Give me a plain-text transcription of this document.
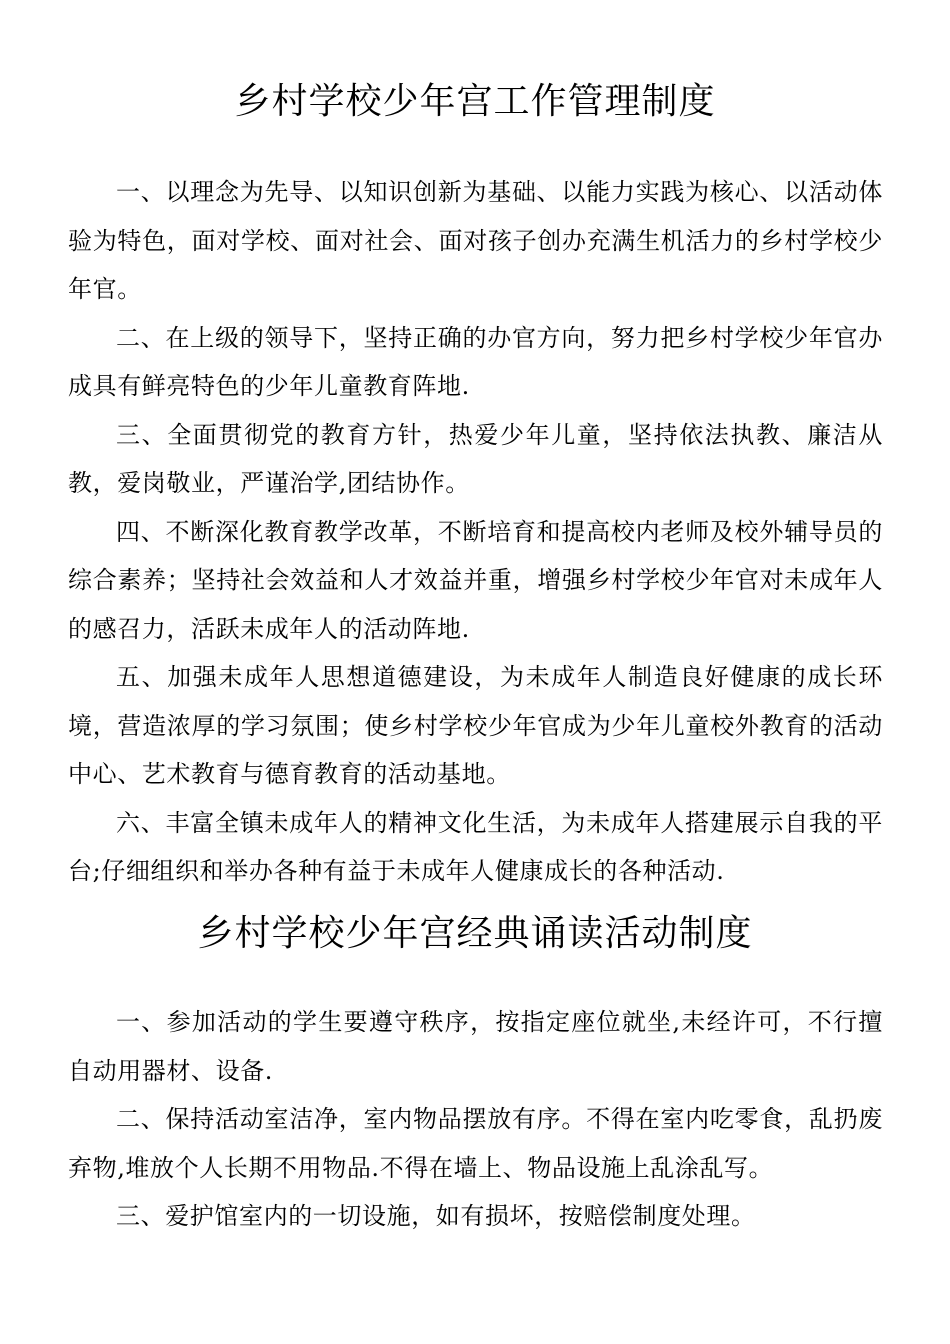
乡村学校少年宫工作管理制度

一、以理念为先导、以知识创新为基础、以能力实践为核心、以活动体验为特色，面对学校、面对社会、面对孩子创办充满生机活力的乡村学校少年官。

二、在上级的领导下，坚持正确的办官方向，努力把乡村学校少年官办成具有鲜亮特色的少年儿童教育阵地.

三、全面贯彻党的教育方针，热爱少年儿童，坚持依法执教、廉洁从教，爱岗敬业，严谨治学,团结协作。

四、不断深化教育教学改革，不断培育和提高校内老师及校外辅导员的综合素养；坚持社会效益和人才效益并重，增强乡村学校少年官对未成年人的感召力，活跃未成年人的活动阵地.

五、加强未成年人思想道德建设，为未成年人制造良好健康的成长环境，营造浓厚的学习氛围；使乡村学校少年官成为少年儿童校外教育的活动中心、艺术教育与德育教育的活动基地。

六、丰富全镇未成年人的精神文化生活，为未成年人搭建展示自我的平台;仔细组织和举办各种有益于未成年人健康成长的各种活动.

乡村学校少年宫经典诵读活动制度

一、参加活动的学生要遵守秩序，按指定座位就坐,未经许可，不行擅自动用器材、设备.

二、保持活动室洁净，室内物品摆放有序。不得在室内吃零食，乱扔废弃物,堆放个人长期不用物品.不得在墙上、物品设施上乱涂乱写。

三、爱护馆室内的一切设施，如有损坏，按赔偿制度处理。
